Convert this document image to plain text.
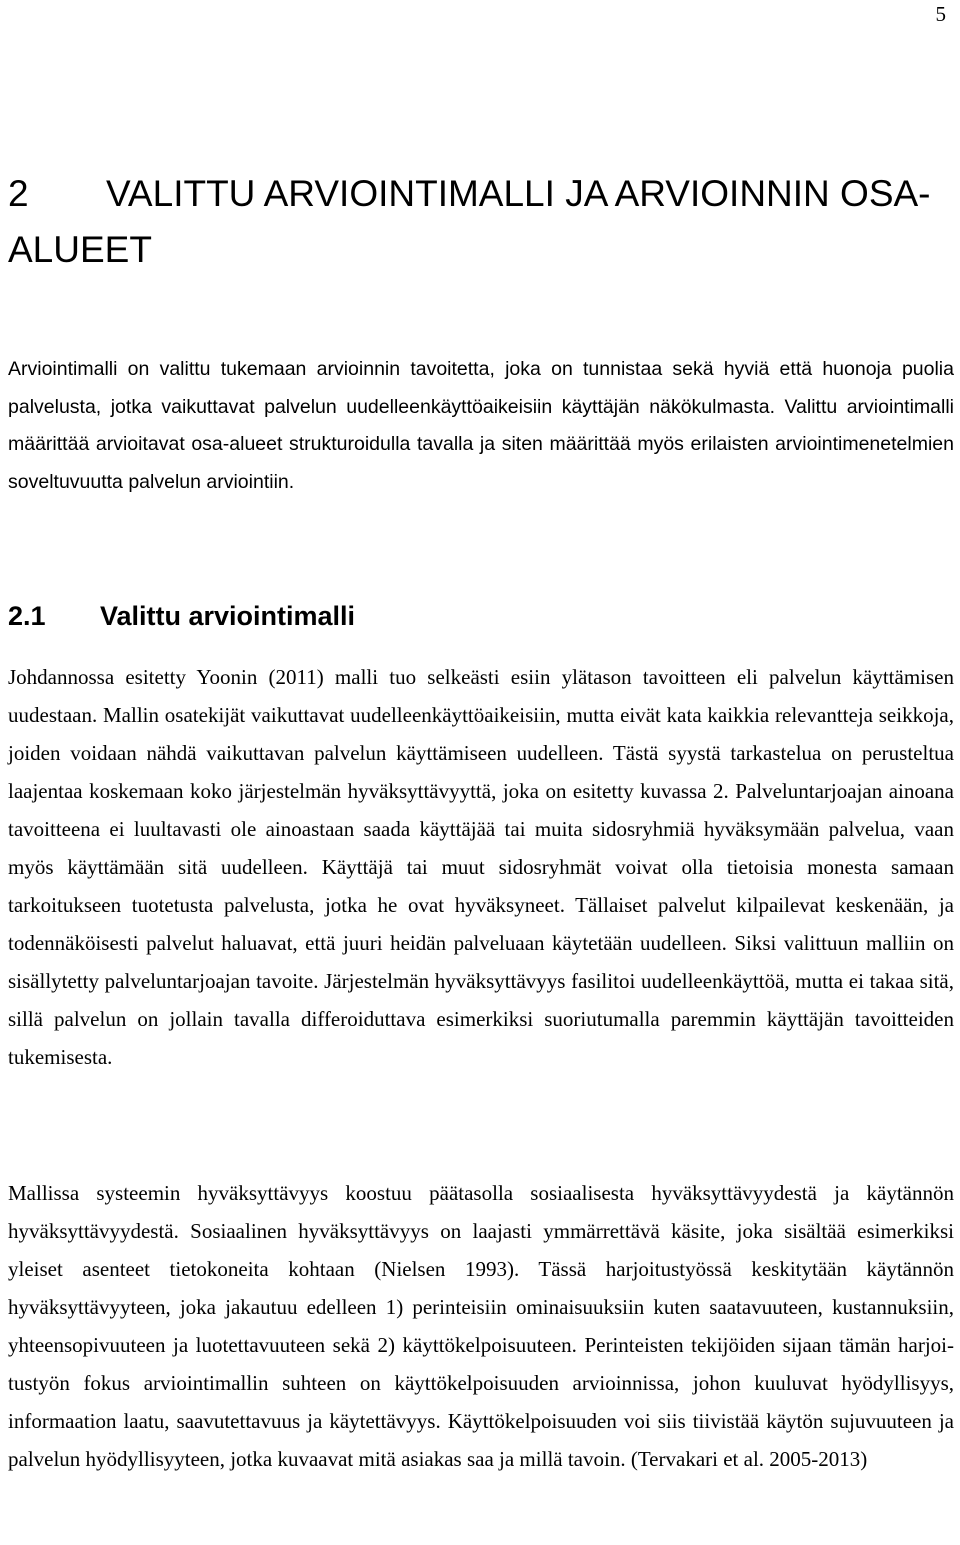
5
2 VALITTU ARVIOINTIMALLI JA ARVIOINNIN OSA-ALUEET

Arviointimalli on valittu tukemaan arvioinnin tavoitetta, joka on tunnistaa sekä hyviä että huonoja puolia palvelusta, jotka vaikuttavat palvelun uudelleenkäyttöaikeisiin käyttäjän näkökulmasta. Valittu arviointimalli määrittää arvioitavat osa-alueet strukturoidulla tavalla ja siten määrittää myös erilaisten arviointimenetelmien soveltuvuutta palvelun arviointiin.

2.1 Valittu arviointimalli

Johdannossa esitetty Yoonin (2011) malli tuo selkeästi esiin ylätason tavoitteen eli palvelun käyttämisen uudestaan. Mallin osatekijät vaikuttavat uudelleenkäyttöaikeisiin, mutta eivät kata kaikkia relevantteja seikkoja, joiden voidaan nähdä vaikuttavan palvelun käyttämiseen uudelleen. Tästä syystä tarkastelua on perusteltua laajentaa koskemaan koko järjestelmän hyväksyttävyyttä, joka on esitetty kuvassa 2. Palveluntarjoajan ainoana tavoitteena ei luultavasti ole ainoastaan saada käyttäjää tai muita sidosryhmiä hyväksymään palvelua, vaan myös käyttämään sitä uudelleen. Käyttäjä tai muut sidosryhmät voivat olla tietoisia monesta samaan tarkoitukseen tuotetusta palvelusta, jotka he ovat hyväksyneet. Tällaiset palvelut kilpailevat keskenään, ja todennäköisesti palvelut haluavat, että juuri heidän palveluaan käytetään uudelleen. Siksi valittuun malliin on sisällytetty palveluntarjoajan tavoite. Järjestelmän hyväksyttävyys fasilitoi uudelleenkäyttöä, mutta ei takaa sitä, sillä palvelun on jollain tavalla differoiduttava esimerkiksi suoriutumalla paremmin käyttäjän tavoitteiden tukemisesta.

Mallissa systeemin hyväksyttävyys koostuu päätasolla sosiaalisesta hyväksyttävyydestä ja käytännön hyväksyttävyydestä. Sosiaalinen hyväksyttävyys on laajasti ymmärrettävä käsite, joka sisältää esimerkiksi yleiset asenteet tietokoneita kohtaan (Nielsen 1993). Tässä harjoitustyössä keskitytään käytännön hyväksyttävyyteen, joka jakautuu edelleen 1) perinteisiin ominaisuuksiin kuten saatavuuteen, kustannuksiin, yhteensopivuuteen ja luotettavuuteen sekä 2) käyttökelpoisuuteen. Perinteisten tekijöiden sijaan tämän harjoitustyön fokus arviointimallin suhteen on käyttökelpoisuuden arvioinnissa, johon kuuluvat hyödyllisyys, informaation laatu, saavutettavuus ja käytettävyys. Käyttökelpoisuuden voi siis tiivistää käytön sujuvuuteen ja palvelun hyödyllisyyteen, jotka kuvaavat mitä asiakas saa ja millä tavoin. (Tervakari et al. 2005-2013)
